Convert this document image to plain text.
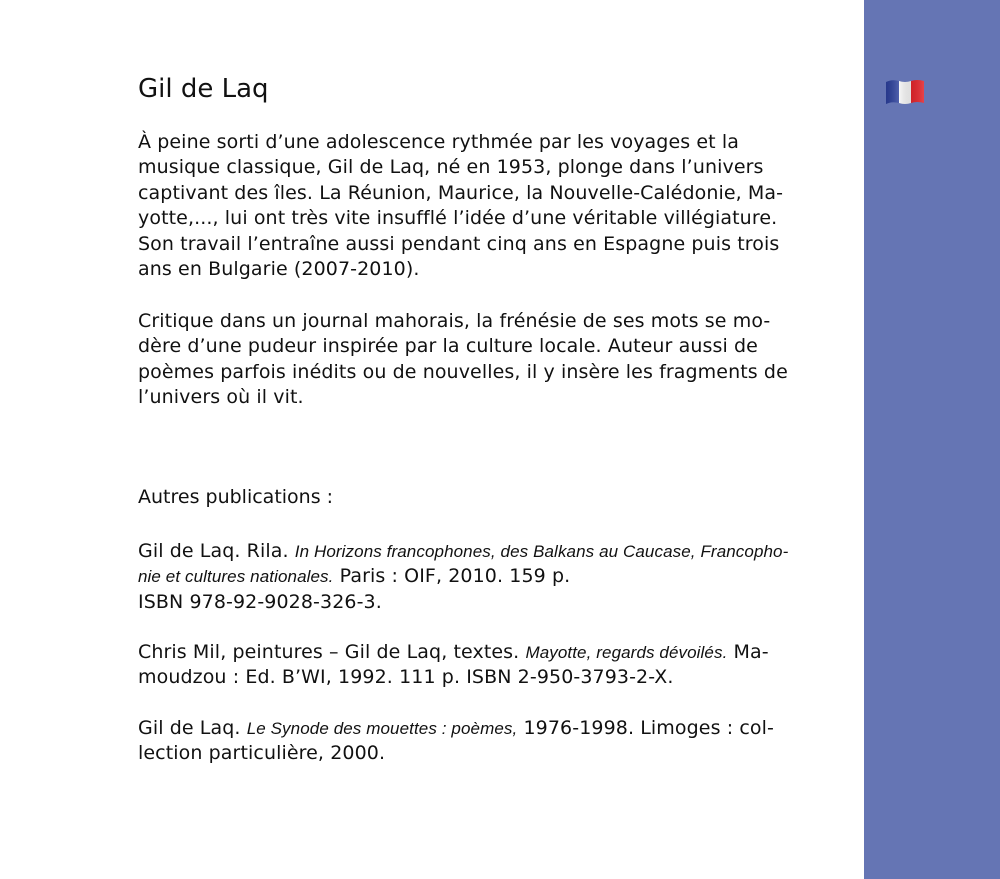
Gil de Laq

À peine sorti d’une adolescence rythmée par les voyages et la
musique classique, Gil de Laq, né en 1953, plonge dans l’univers
captivant des îles. La Réunion, Maurice, la Nouvelle-Calédonie, Ma-
yotte,..., lui ont très vite insufflé l’idée d’une véritable villégiature.
Son travail l’entraîne aussi pendant cinq ans en Espagne puis trois
ans en Bulgarie (2007-2010).

Critique dans un journal mahorais, la frénésie de ses mots se mo-
dère d’une pudeur inspirée par la culture locale. Auteur aussi de
poèmes parfois inédits ou de nouvelles, il y insère les fragments de
l’univers où il vit.

Autres publications :

Gil de Laq. Rila. In Horizons francophones, des Balkans au Caucase, Francopho-
nie et cultures nationales. Paris : OIF, 2010. 159 p.
ISBN 978-92-9028-326-3.

Chris Mil, peintures – Gil de Laq, textes. Mayotte, regards dévoilés. Ma-
moudzou : Ed. B’WI, 1992. 111 p. ISBN 2-950-3793-2-X.

Gil de Laq. Le Synode des mouettes : poèmes, 1976-1998. Limoges : col-
lection particulière, 2000.
